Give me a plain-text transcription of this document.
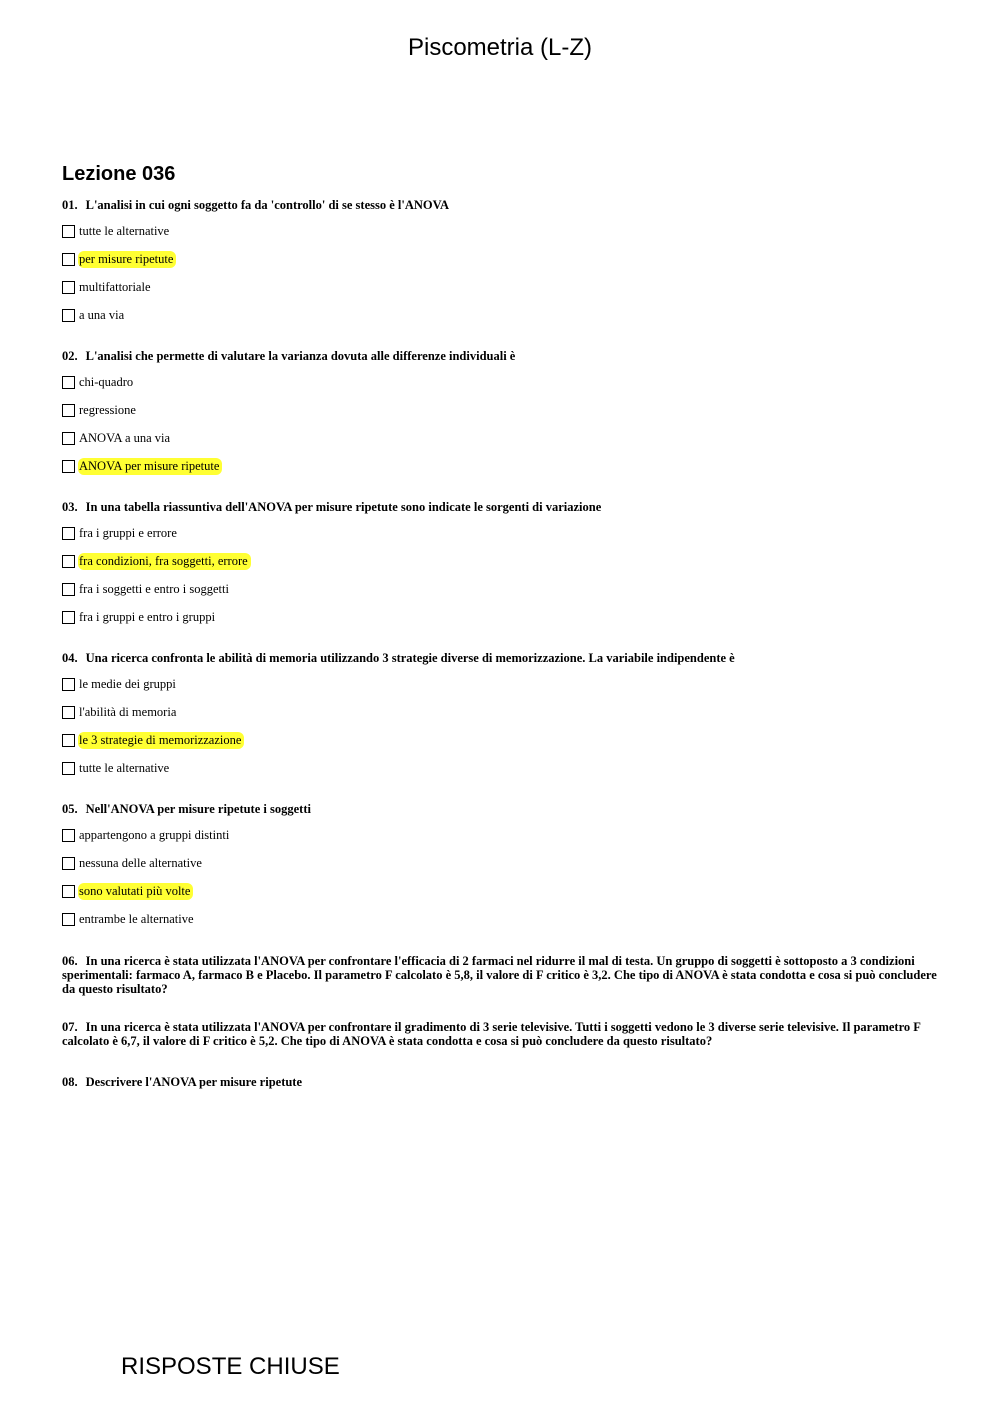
Piscometria (L-Z)
Lezione 036
01. L'analisi in cui ogni soggetto fa da 'controllo' di se stesso è l'ANOVA
tutte le alternative
per misure ripetute
multifattoriale
a una via
02. L'analisi che permette di valutare la varianza dovuta alle differenze individuali è
chi-quadro
regressione
ANOVA a una via
ANOVA per misure ripetute
03. In una tabella riassuntiva dell'ANOVA per misure ripetute sono indicate le sorgenti di variazione
fra i gruppi e errore
fra condizioni, fra soggetti, errore
fra i soggetti e entro i soggetti
fra i gruppi e entro i gruppi
04. Una ricerca confronta le abilità di memoria utilizzando 3 strategie diverse di memorizzazione. La variabile indipendente è
le medie dei gruppi
l'abilità di memoria
le 3 strategie di memorizzazione
tutte le alternative
05. Nell'ANOVA per misure ripetute i soggetti
appartengono a gruppi distinti
nessuna delle alternative
sono valutati più volte
entrambe le alternative
06. In una ricerca è stata utilizzata l'ANOVA per confrontare l'efficacia di 2 farmaci nel ridurre il mal di testa. Un gruppo di soggetti è sottoposto a 3 condizioni sperimentali: farmaco A, farmaco B e Placebo. Il parametro F calcolato è 5,8, il valore di F critico è 3,2. Che tipo di ANOVA è stata condotta e cosa si può concludere da questo risultato?
07. In una ricerca è stata utilizzata l'ANOVA per confrontare il gradimento di 3 serie televisive. Tutti i soggetti vedono le 3 diverse serie televisive. Il parametro F calcolato è 6,7, il valore di F critico è 5,2. Che tipo di ANOVA è stata condotta e cosa si può concludere da questo risultato?
08. Descrivere l'ANOVA per misure ripetute
RISPOSTE CHIUSE
